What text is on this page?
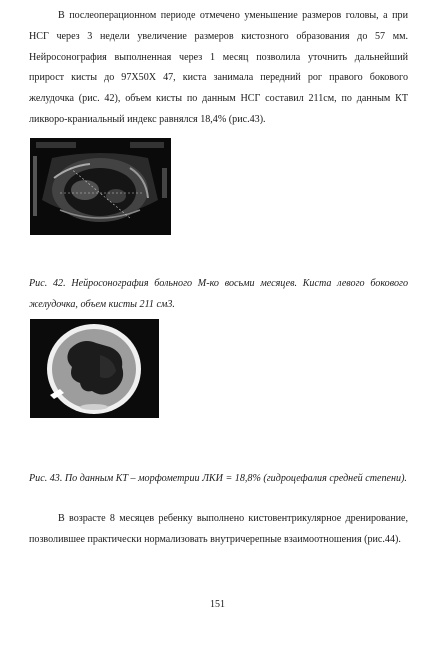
В послеоперационном периоде отмечено уменьшение размеров головы, а при НСГ через 3 недели увеличение размеров кистозного образования до 57 мм. Нейросонография выполненная через 1 месяц позволила уточнить дальнейший прирост кисты до 97Х50Х 47, киста занимала передний рог правого бокового желудочка (рис. 42), объем кисты по данным НСГ составил 211см, по данным КТ ликворо-краниальный индекс равнялся 18,4% (рис.43).

Рис. 42. Нейросонография больного М-ко восьми месяцев. Киста левого бокового желудочка, объем кисты 211 см3.

Рис. 43. По данным КТ – морфометрии ЛКИ = 18,8% (гидроцефалия средней степени).

В возрасте 8 месяцев ребенку выполнено кистовентрикулярное дренирование, позволившее практически нормализовать внутричерепные взаимоотношения (рис.44).

151
